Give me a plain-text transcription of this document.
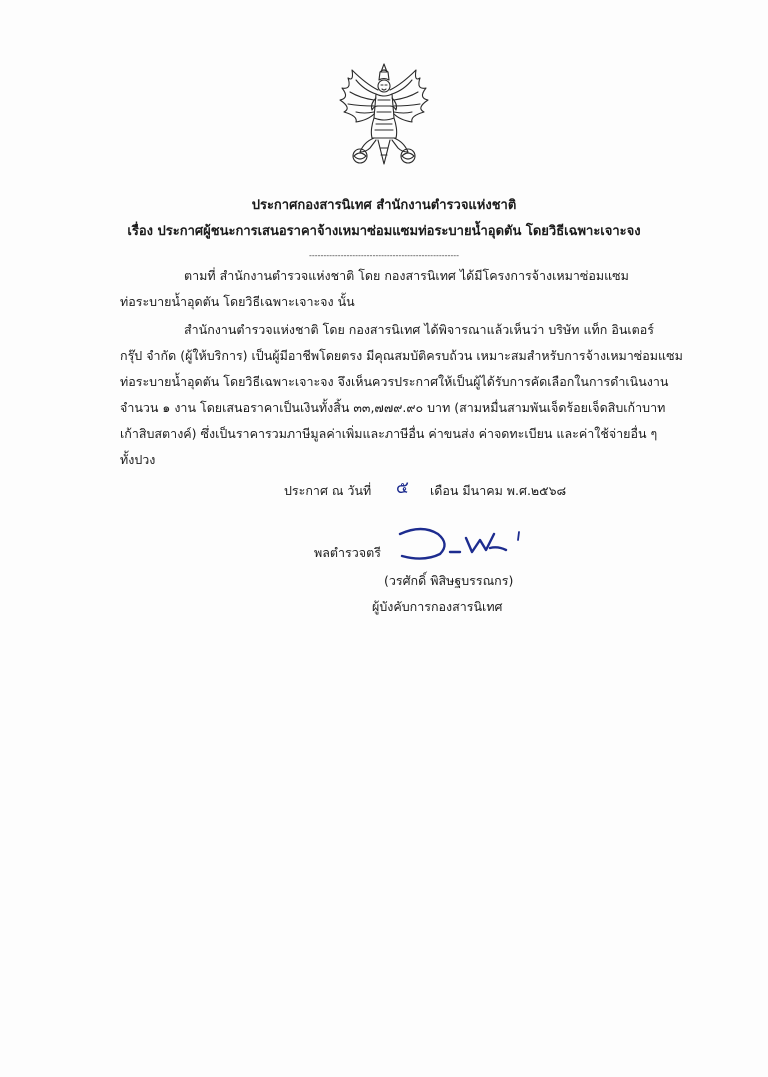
ประกาศกองสารนิเทศ สำนักงานตำรวจแห่งชาติ
เรื่อง ประกาศผู้ชนะการเสนอราคาจ้างเหมาซ่อมแซมท่อระบายน้ำอุดตัน โดยวิธีเฉพาะเจาะจง
----------------------------------------------------
ตามที่ สำนักงานตำรวจแห่งชาติ โดย กองสารนิเทศ ได้มีโครงการจ้างเหมาซ่อมแซม
ท่อระบายน้ำอุดตัน โดยวิธีเฉพาะเจาะจง นั้น
สำนักงานตำรวจแห่งชาติ โดย กองสารนิเทศ ได้พิจารณาแล้วเห็นว่า บริษัท แท็ก อินเตอร์
กรุ๊ป จำกัด (ผู้ให้บริการ) เป็นผู้มีอาชีพโดยตรง มีคุณสมบัติครบถ้วน เหมาะสมสำหรับการจ้างเหมาซ่อมแซม
ท่อระบายน้ำอุดตัน โดยวิธีเฉพาะเจาะจง จึงเห็นควรประกาศให้เป็นผู้ได้รับการคัดเลือกในการดำเนินงาน
จำนวน ๑ งาน โดยเสนอราคาเป็นเงินทั้งสิ้น ๓๓,๗๗๙.๙๐ บาท (สามหมื่นสามพันเจ็ดร้อยเจ็ดสิบเก้าบาท
เก้าสิบสตางค์) ซึ่งเป็นราคารวมภาษีมูลค่าเพิ่มและภาษีอื่น ค่าขนส่ง ค่าจดทะเบียน และค่าใช้จ่ายอื่น ๆ
ทั้งปวง
ประกาศ ณ วันที่ ๕ เดือน มีนาคม พ.ศ.๒๕๖๘
พลตำรวจตรี
(วรศักดิ์ พิสิษฐบรรณกร)
ผู้บังคับการกองสารนิเทศ
